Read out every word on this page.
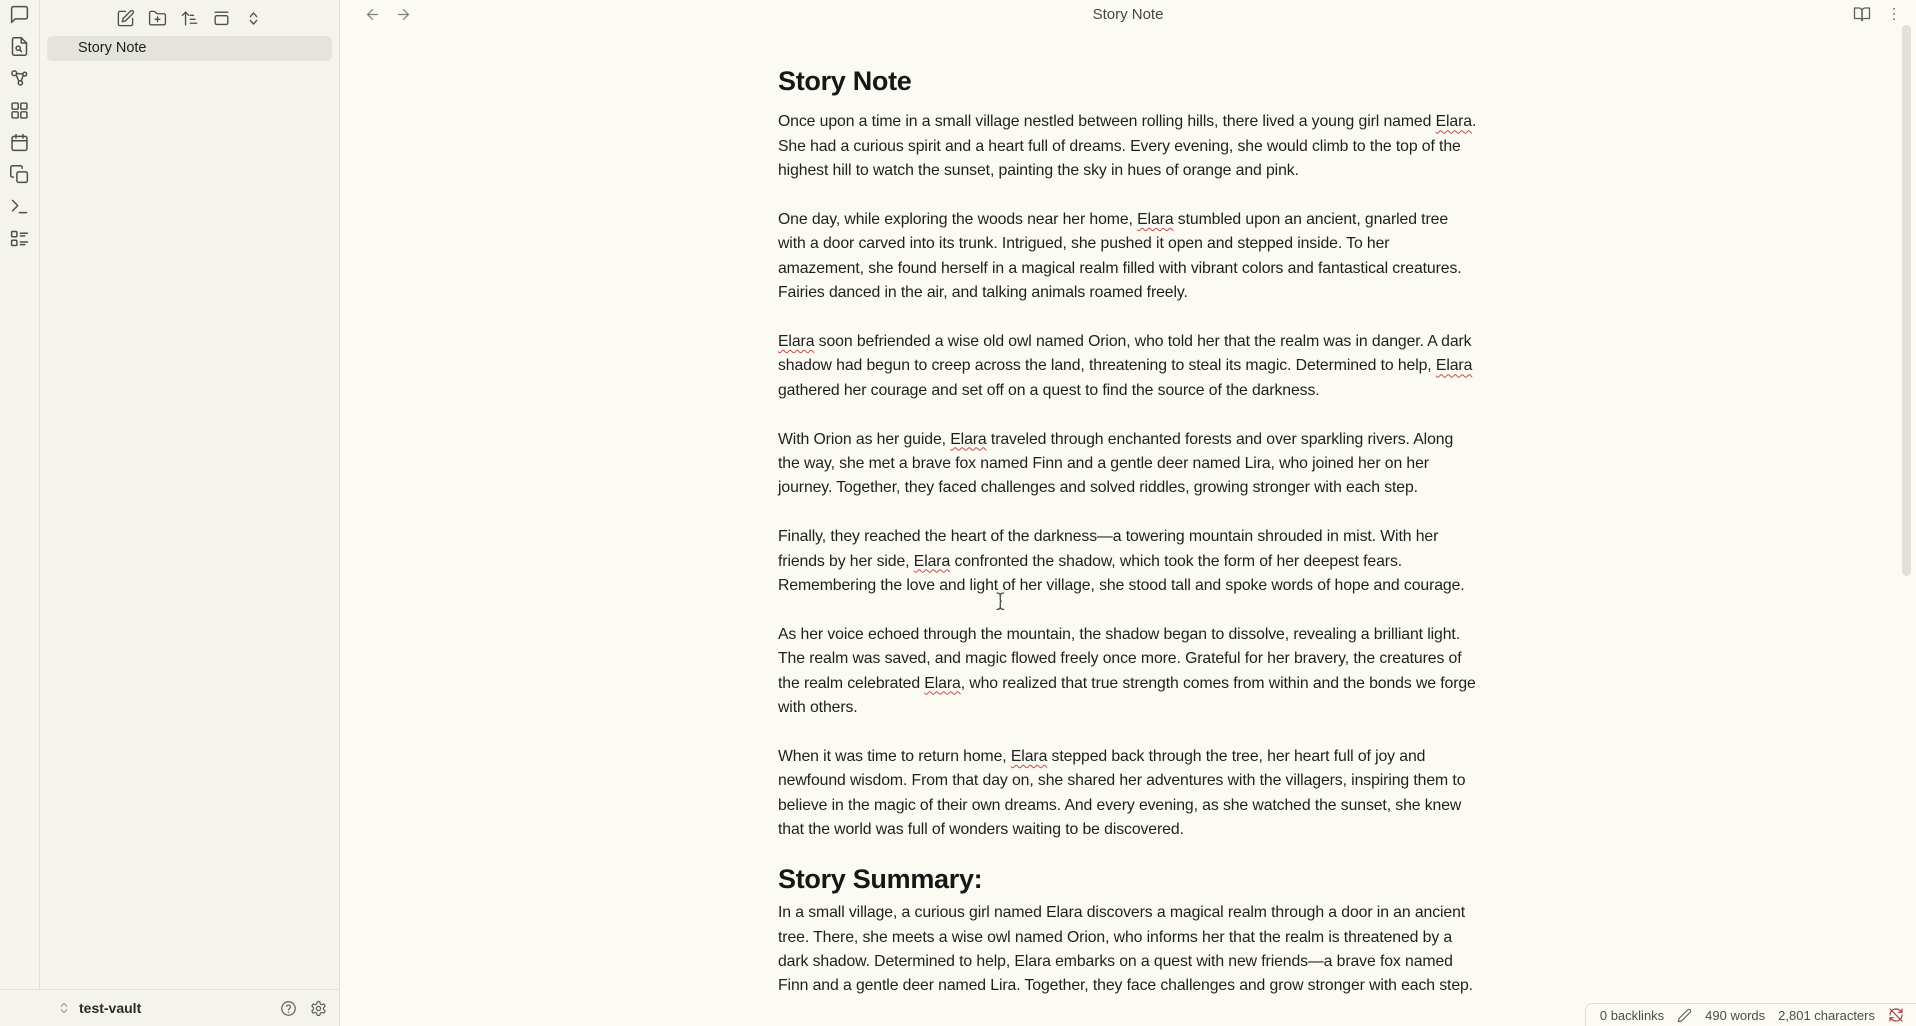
Story Note
Story Note
Story Note

Once upon a time in a small village nestled between rolling hills, there lived a young girl named Elara. She had a curious spirit and a heart full of dreams. Every evening, she would climb to the top of the highest hill to watch the sunset, painting the sky in hues of orange and pink.

One day, while exploring the woods near her home, Elara stumbled upon an ancient, gnarled tree with a door carved into its trunk. Intrigued, she pushed it open and stepped inside. To her amazement, she found herself in a magical realm filled with vibrant colors and fantastical creatures. Fairies danced in the air, and talking animals roamed freely.

Elara soon befriended a wise old owl named Orion, who told her that the realm was in danger. A dark shadow had begun to creep across the land, threatening to steal its magic. Determined to help, Elara gathered her courage and set off on a quest to find the source of the darkness.

With Orion as her guide, Elara traveled through enchanted forests and over sparkling rivers. Along the way, she met a brave fox named Finn and a gentle deer named Lira, who joined her on her journey. Together, they faced challenges and solved riddles, growing stronger with each step.

Finally, they reached the heart of the darkness—a towering mountain shrouded in mist. With her friends by her side, Elara confronted the shadow, which took the form of her deepest fears. Remembering the love and light of her village, she stood tall and spoke words of hope and courage.

As her voice echoed through the mountain, the shadow began to dissolve, revealing a brilliant light. The realm was saved, and magic flowed freely once more. Grateful for her bravery, the creatures of the realm celebrated Elara, who realized that true strength comes from within and the bonds we forge with others.

When it was time to return home, Elara stepped back through the tree, her heart full of joy and newfound wisdom. From that day on, she shared her adventures with the villagers, inspiring them to believe in the magic of their own dreams. And every evening, as she watched the sunset, she knew that the world was full of wonders waiting to be discovered.

Story Summary:

In a small village, a curious girl named Elara discovers a magical realm through a door in an ancient tree. There, she meets a wise owl named Orion, who informs her that the realm is threatened by a dark shadow. Determined to help, Elara embarks on a quest with new friends—a brave fox named Finn and a gentle deer named Lira. Together, they face challenges and grow stronger with each step.

test-vault	0 backlinks	490 words 2,801 characters
